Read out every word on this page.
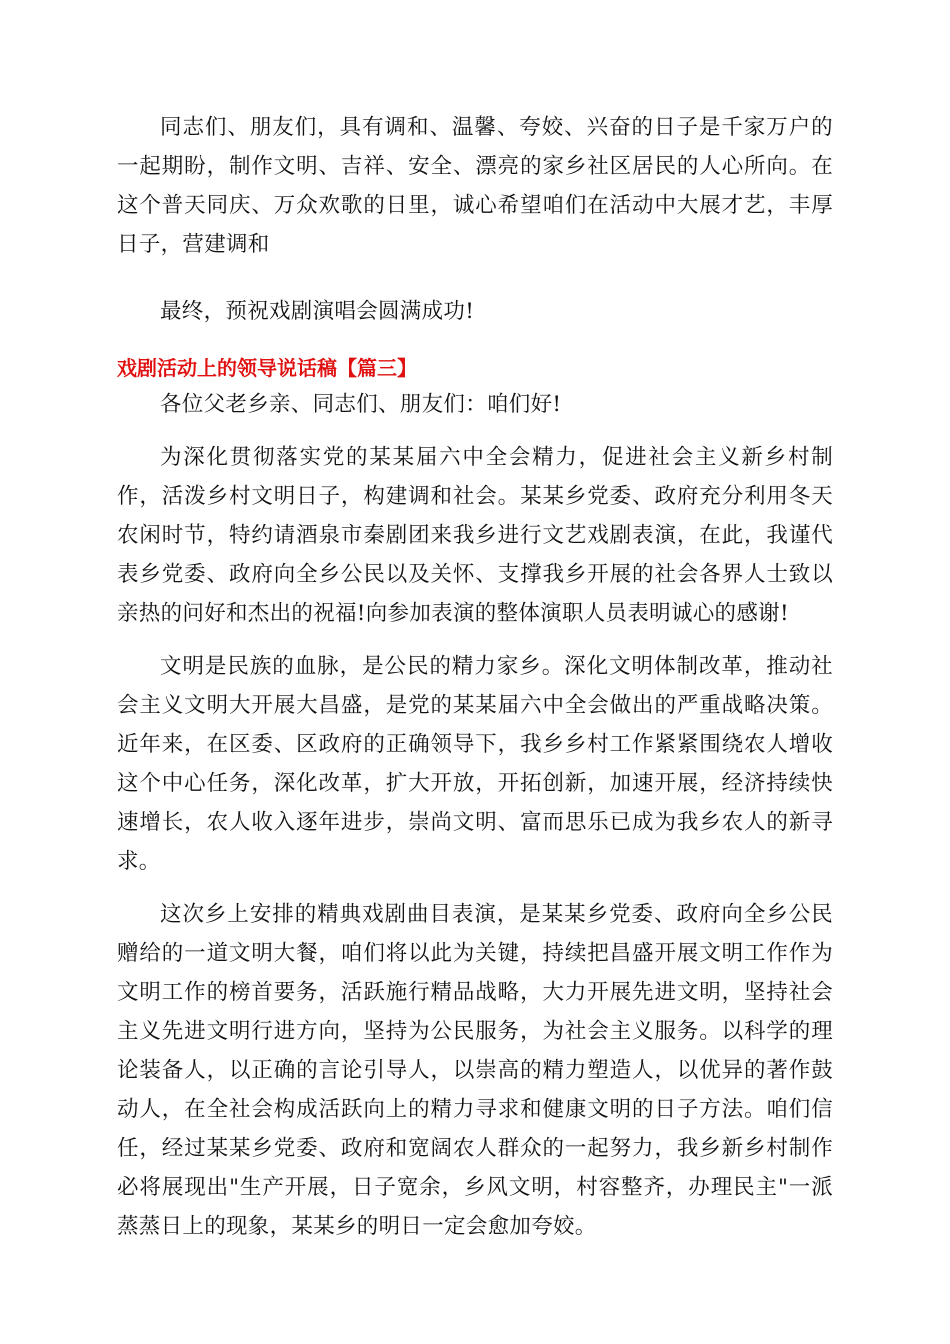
同志们、朋友们，具有调和、温馨、夸姣、兴奋的日子是千家万户的一起期盼，制作文明、吉祥、安全、漂亮的家乡社区居民的人心所向。在这个普天同庆、万众欢歌的日里，诚心希望咱们在活动中大展才艺，丰厚日子，营建调和

最终，预祝戏剧演唱会圆满成功!

戏剧活动上的领导说话稿【篇三】

各位父老乡亲、同志们、朋友们：咱们好!

为深化贯彻落实党的某某届六中全会精力，促进社会主义新乡村制作，活泼乡村文明日子，构建调和社会。某某乡党委、政府充分利用冬天农闲时节，特约请酒泉市秦剧团来我乡进行文艺戏剧表演，在此，我谨代表乡党委、政府向全乡公民以及关怀、支撑我乡开展的社会各界人士致以亲热的问好和杰出的祝福!向参加表演的整体演职人员表明诚心的感谢!

文明是民族的血脉，是公民的精力家乡。深化文明体制改革，推动社会主义文明大开展大昌盛，是党的某某届六中全会做出的严重战略决策。近年来，在区委、区政府的正确领导下，我乡乡村工作紧紧围绕农人增收这个中心任务，深化改革，扩大开放，开拓创新，加速开展，经济持续快速增长，农人收入逐年进步，崇尚文明、富而思乐已成为我乡农人的新寻求。

这次乡上安排的精典戏剧曲目表演，是某某乡党委、政府向全乡公民赠给的一道文明大餐，咱们将以此为关键，持续把昌盛开展文明工作作为文明工作的榜首要务，活跃施行精品战略，大力开展先进文明，坚持社会主义先进文明行进方向，坚持为公民服务，为社会主义服务。以科学的理论装备人，以正确的言论引导人，以崇高的精力塑造人，以优异的著作鼓动人，在全社会构成活跃向上的精力寻求和健康文明的日子方法。咱们信任，经过某某乡党委、政府和宽阔农人群众的一起努力，我乡新乡村制作必将展现出"生产开展，日子宽余，乡风文明，村容整齐，办理民主"一派蒸蒸日上的现象，某某乡的明日一定会愈加夸姣。
